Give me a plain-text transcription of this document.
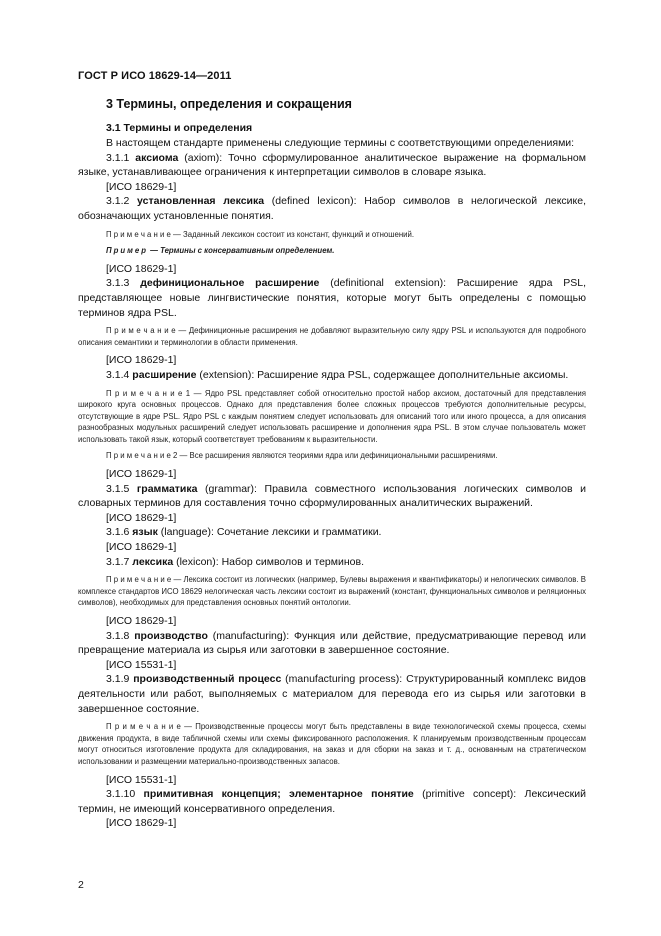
ГОСТ Р ИСО 18629-14—2011
3 Термины, определения и сокращения
3.1 Термины и определения

В настоящем стандарте применены следующие термины с соответствующими определениями:

3.1.1 аксиома (axiom): Точно сформулированное аналитическое выражение на формальном языке, устанавливающее ограничения к интерпретации символов в словаре языка.

[ИСО 18629-1]

3.1.2 установленная лексика (defined lexicon): Набор символов в нелогической лексике, обозначающих установленные понятия.

П р и м е ч а н и е — Заданный лексикон состоит из констант, функций и отношений.

Пример — Термины с консервативным определением.

[ИСО 18629-1]

3.1.3 дефинициональное расширение (definitional extension): Расширение ядра PSL, представляющее новые лингвистические понятия, которые могут быть определены с помощью терминов ядра PSL.

П р и м е ч а н и е — Дефиниционные расширения не добавляют выразительную силу ядру PSL и используются для подробного описания семантики и терминологии в области применения.

[ИСО 18629-1]

3.1.4 расширение (extension): Расширение ядра PSL, содержащее дополнительные аксиомы.

П р и м е ч а н и е 1 — Ядро PSL представляет собой относительно простой набор аксиом, достаточный для представления широкого круга основных процессов. Однако для представления более сложных процессов требуются дополнительные ресурсы, отсутствующие в ядре PSL. Ядро PSL с каждым понятием следует использовать для описаний того или иного процесса, а для описания разнообразных модульных расширений следует использовать расширение и дополнения ядра PSL. В этом случае пользователь может использовать такой язык, который соответствует требованиям к выразительности.

П р и м е ч а н и е 2 — Все расширения являются теориями ядра или дефинициональными расширениями.

[ИСО 18629-1]

3.1.5 грамматика (grammar): Правила совместного использования логических символов и словарных терминов для составления точно сформулированных аналитических выражений.

[ИСО 18629-1]

3.1.6 язык (language): Сочетание лексики и грамматики.

[ИСО 18629-1]

3.1.7 лексика (lexicon): Набор символов и терминов.

П р и м е ч а н и е — Лексика состоит из логических (например, Булевы выражения и квантификаторы) и нелогических символов. В комплексе стандартов ИСО 18629 нелогическая часть лексики состоит из выражений (констант, функциональных символов и реляционных символов), необходимых для представления основных понятий онтологии.

[ИСО 18629-1]

3.1.8 производство (manufacturing): Функция или действие, предусматривающие перевод или превращение материала из сырья или заготовки в завершенное состояние.

[ИСО 15531-1]

3.1.9 производственный процесс (manufacturing process): Структурированный комплекс видов деятельности или работ, выполняемых с материалом для перевода его из сырья или заготовки в завершенное состояние.

П р и м е ч а н и е — Производственные процессы могут быть представлены в виде технологической схемы процесса, схемы движения продукта, в виде табличной схемы или схемы фиксированного расположения. К планируемым производственным процессам могут относиться изготовление продукта для складирования, на заказ и для сборки на заказ и т. д., основанным на стратегическом использовании и размещении материально-производственных запасов.

[ИСО 15531-1]

3.1.10 примитивная концепция; элементарное понятие (primitive concept): Лексический термин, не имеющий консервативного определения.

[ИСО 18629-1]

2
